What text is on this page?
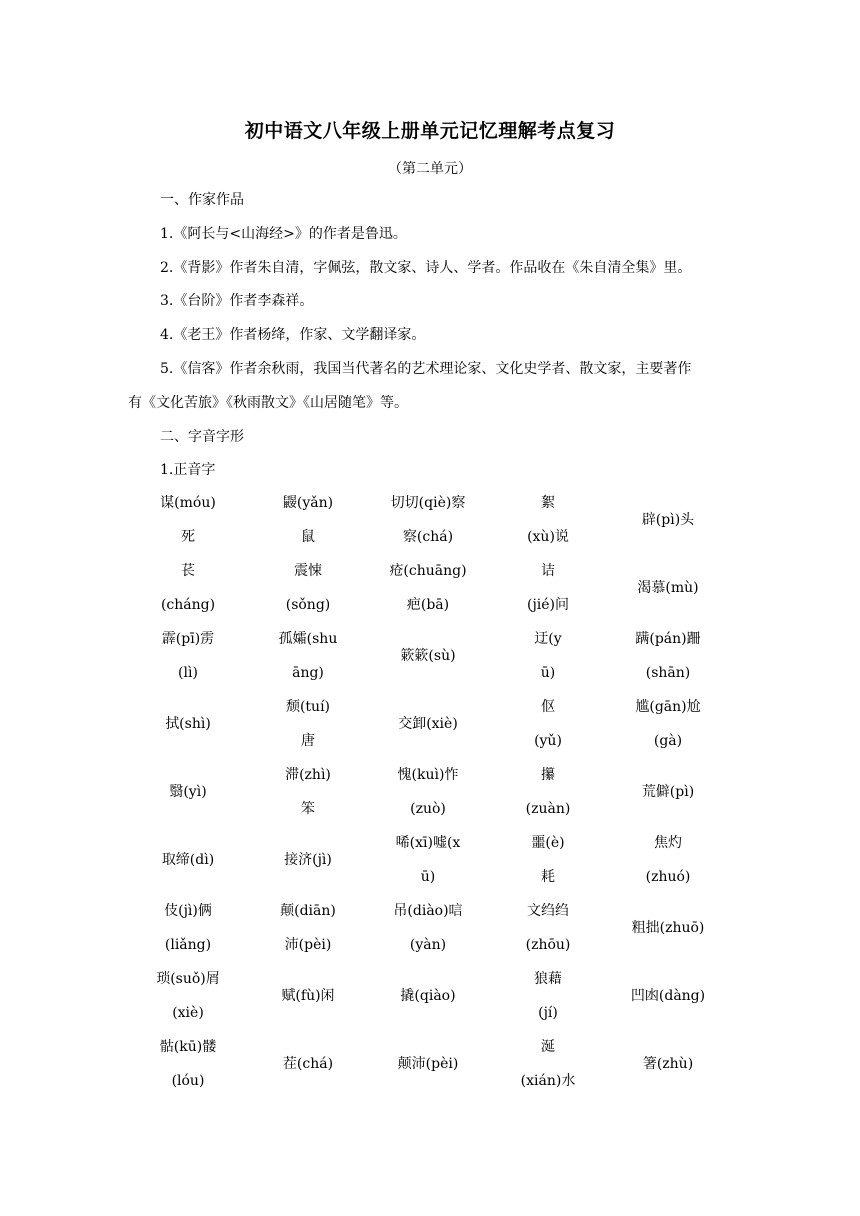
初中语文八年级上册单元记忆理解考点复习
（第二单元）
一、作家作品
1.《阿长与<山海经>》的作者是鲁迅。
2.《背影》作者朱自清，字佩弦，散文家、诗人、学者。作品收在《朱自清全集》里。
3.《台阶》作者李森祥。
4.《老王》作者杨绛，作家、文学翻译家。
5.《信客》作者余秋雨，我国当代著名的艺术理论家、文化史学者、散文家，主要著作
有《文化苦旅》《秋雨散文》《山居随笔》等。
二、字音字形
1.正音字
谋(móu)死	鼹(yǎn)鼠	切切(qiè)察察(chá)	絮(xù)说	辟(pì)头
苌(cháng)	震悚(sǒng)	疮(chuāng)疤(bā)	诘(jié)问	渴慕(mù)
霹(pī)雳(lì)	孤孀(shuāng)	簌簌(sù)	迂(yū)	蹒(pán)跚(shān)
拭(shì)	颓(tuí)唐	交卸(xiè)	伛(yǔ)	尴(gān)尬(gà)
翳(yì)	滞(zhì)笨	愧(kuì)怍(zuò)	攥(zuàn)	荒僻(pì)
取缔(dì)	接济(jì)	唏(xī)嘘(xū)	噩(è)耗	焦灼(zhuó)
伎(jì)俩(liǎng)	颠(diān)沛(pèi)	吊(diào)唁(yàn)	文绉绉(zhōu)	粗拙(zhuō)
琐(suǒ)屑(xiè)	赋(fù)闲	撬(qiào)	狼藉(jí)	凹凼(dàng)
骷(kū)髅(lóu)	茬(chá)	颠沛(pèi)	涎(xián)水	箸(zhù)
